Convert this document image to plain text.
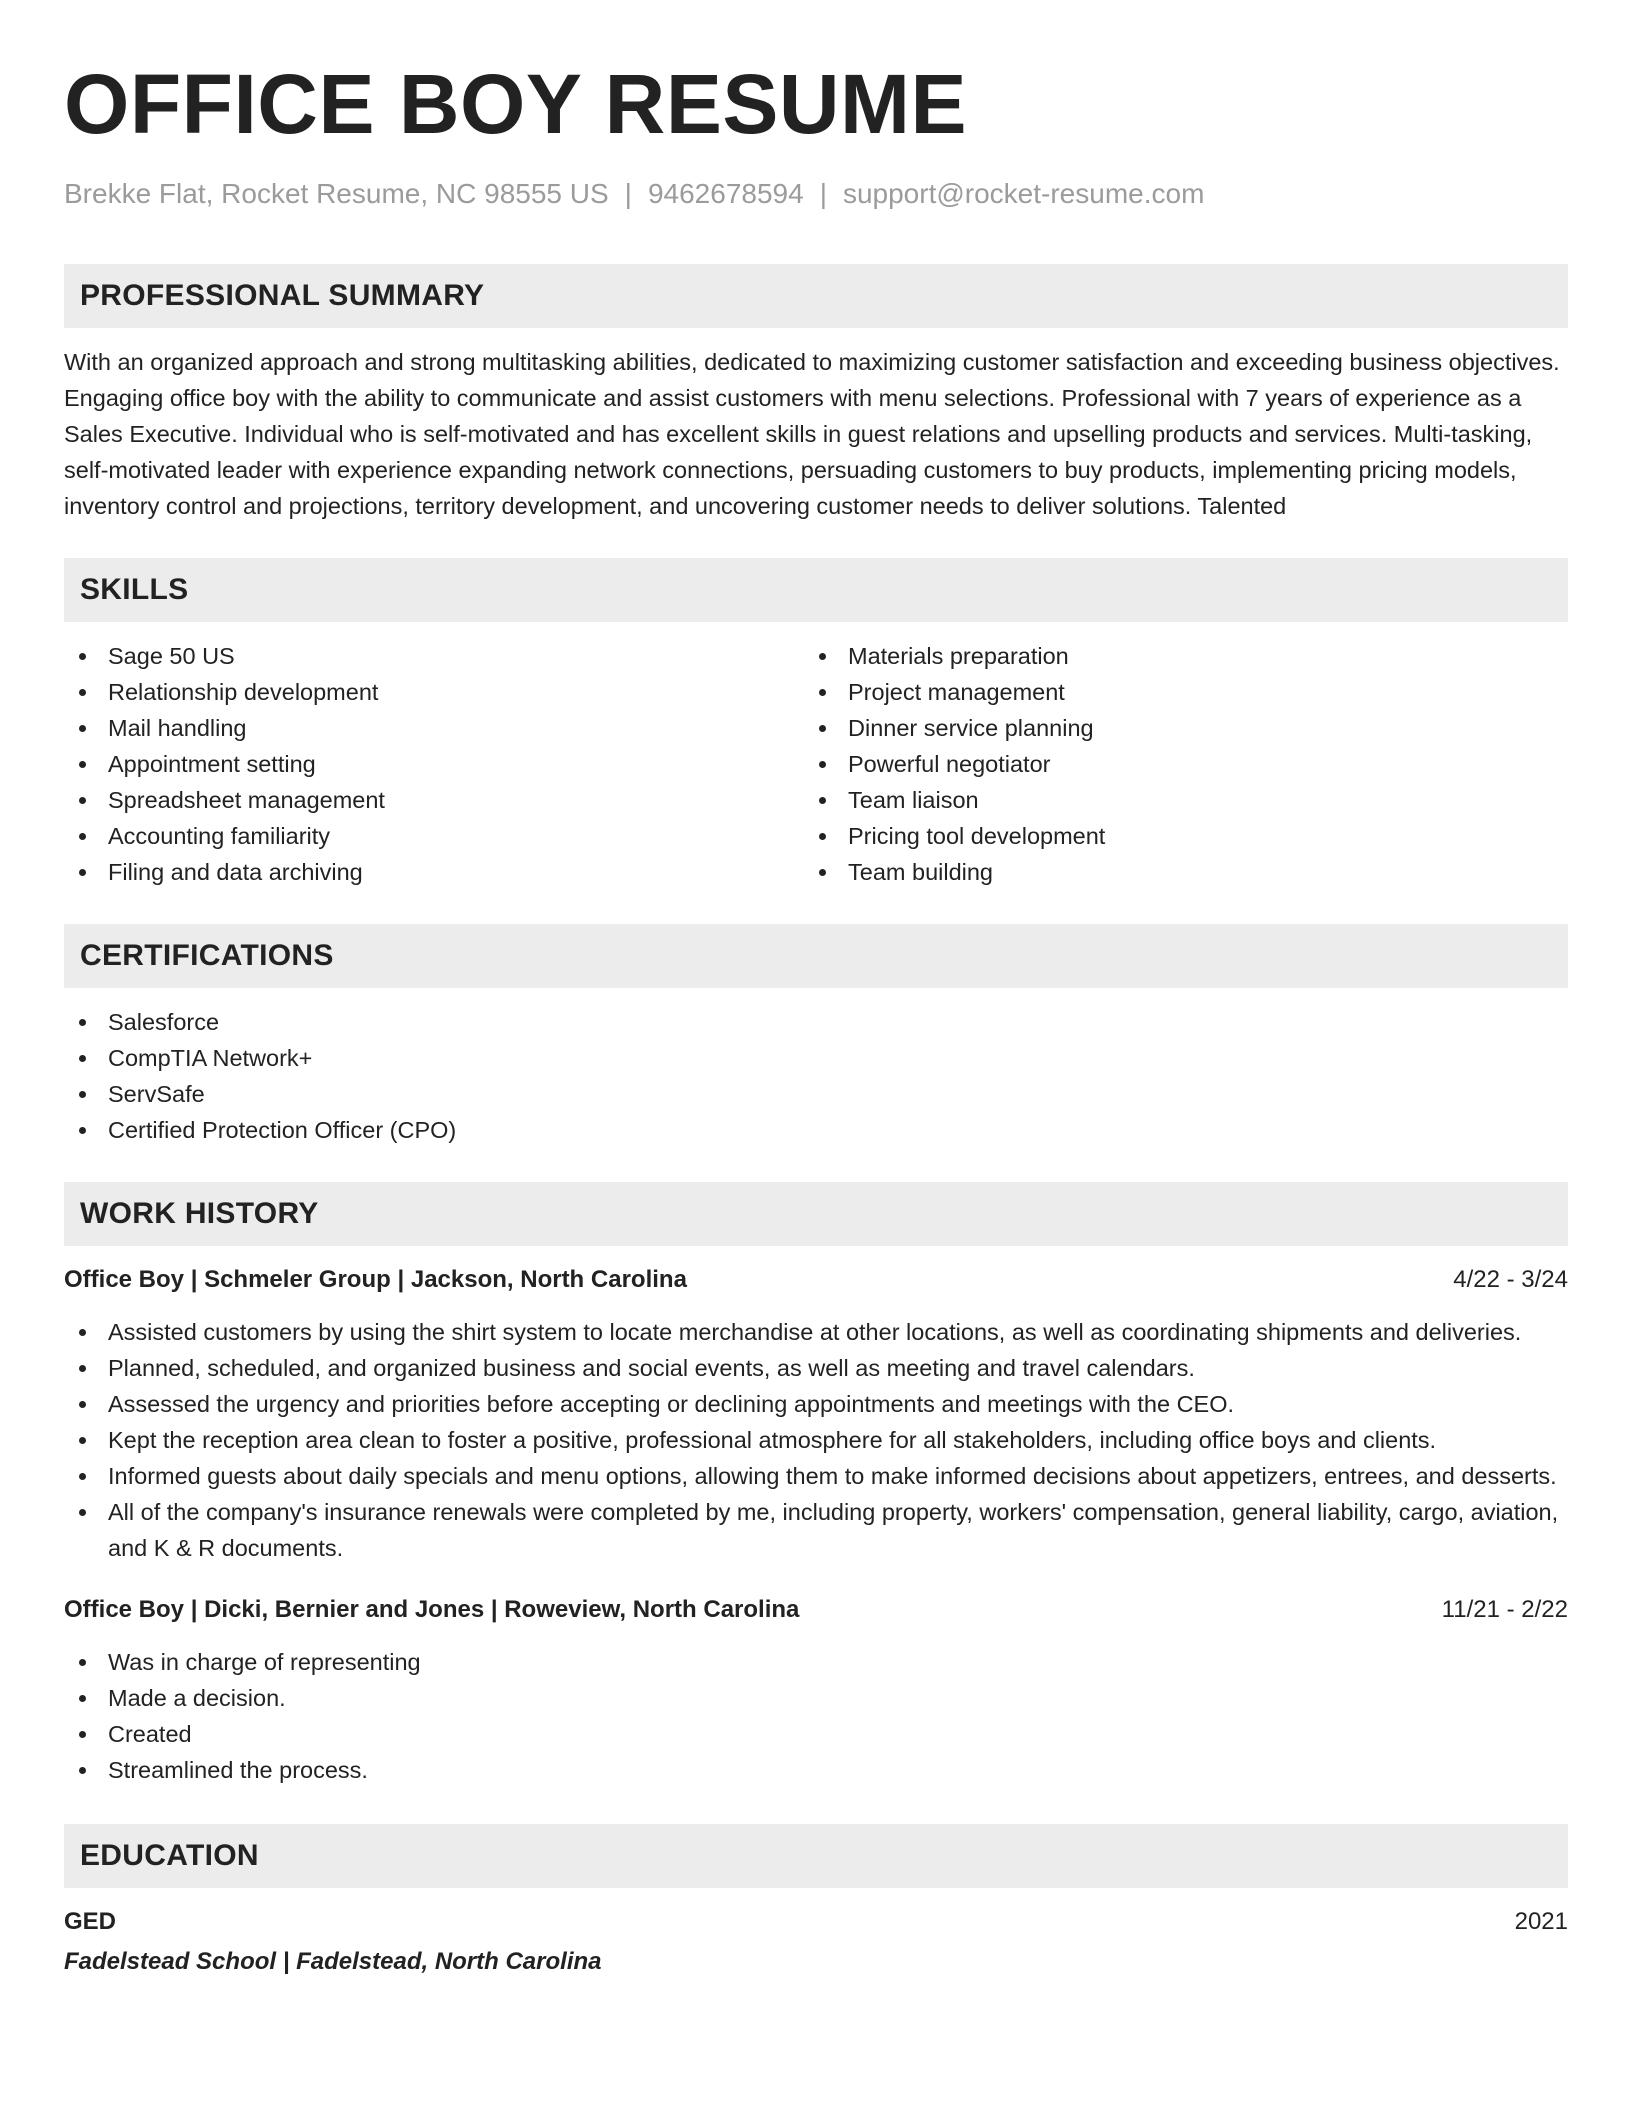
OFFICE BOY RESUME
Brekke Flat, Rocket Resume, NC 98555 US | 9462678594 | support@rocket-resume.com
PROFESSIONAL SUMMARY
With an organized approach and strong multitasking abilities, dedicated to maximizing customer satisfaction and exceeding business objectives. Engaging office boy with the ability to communicate and assist customers with menu selections. Professional with 7 years of experience as a Sales Executive. Individual who is self-motivated and has excellent skills in guest relations and upselling products and services. Multi-tasking, self-motivated leader with experience expanding network connections, persuading customers to buy products, implementing pricing models, inventory control and projections, territory development, and uncovering customer needs to deliver solutions. Talented
SKILLS
Sage 50 US
Relationship development
Mail handling
Appointment setting
Spreadsheet management
Accounting familiarity
Filing and data archiving
Materials preparation
Project management
Dinner service planning
Powerful negotiator
Team liaison
Pricing tool development
Team building
CERTIFICATIONS
Salesforce
CompTIA Network+
ServSafe
Certified Protection Officer (CPO)
WORK HISTORY
Office Boy | Schmeler Group | Jackson, North Carolina	4/22 - 3/24
Assisted customers by using the shirt system to locate merchandise at other locations, as well as coordinating shipments and deliveries.
Planned, scheduled, and organized business and social events, as well as meeting and travel calendars.
Assessed the urgency and priorities before accepting or declining appointments and meetings with the CEO.
Kept the reception area clean to foster a positive, professional atmosphere for all stakeholders, including office boys and clients.
Informed guests about daily specials and menu options, allowing them to make informed decisions about appetizers, entrees, and desserts.
All of the company's insurance renewals were completed by me, including property, workers' compensation, general liability, cargo, aviation, and K & R documents.
Office Boy | Dicki, Bernier and Jones | Roweview, North Carolina	11/21 - 2/22
Was in charge of representing
Made a decision.
Created
Streamlined the process.
EDUCATION
GED	2021
Fadelstead School | Fadelstead, North Carolina
